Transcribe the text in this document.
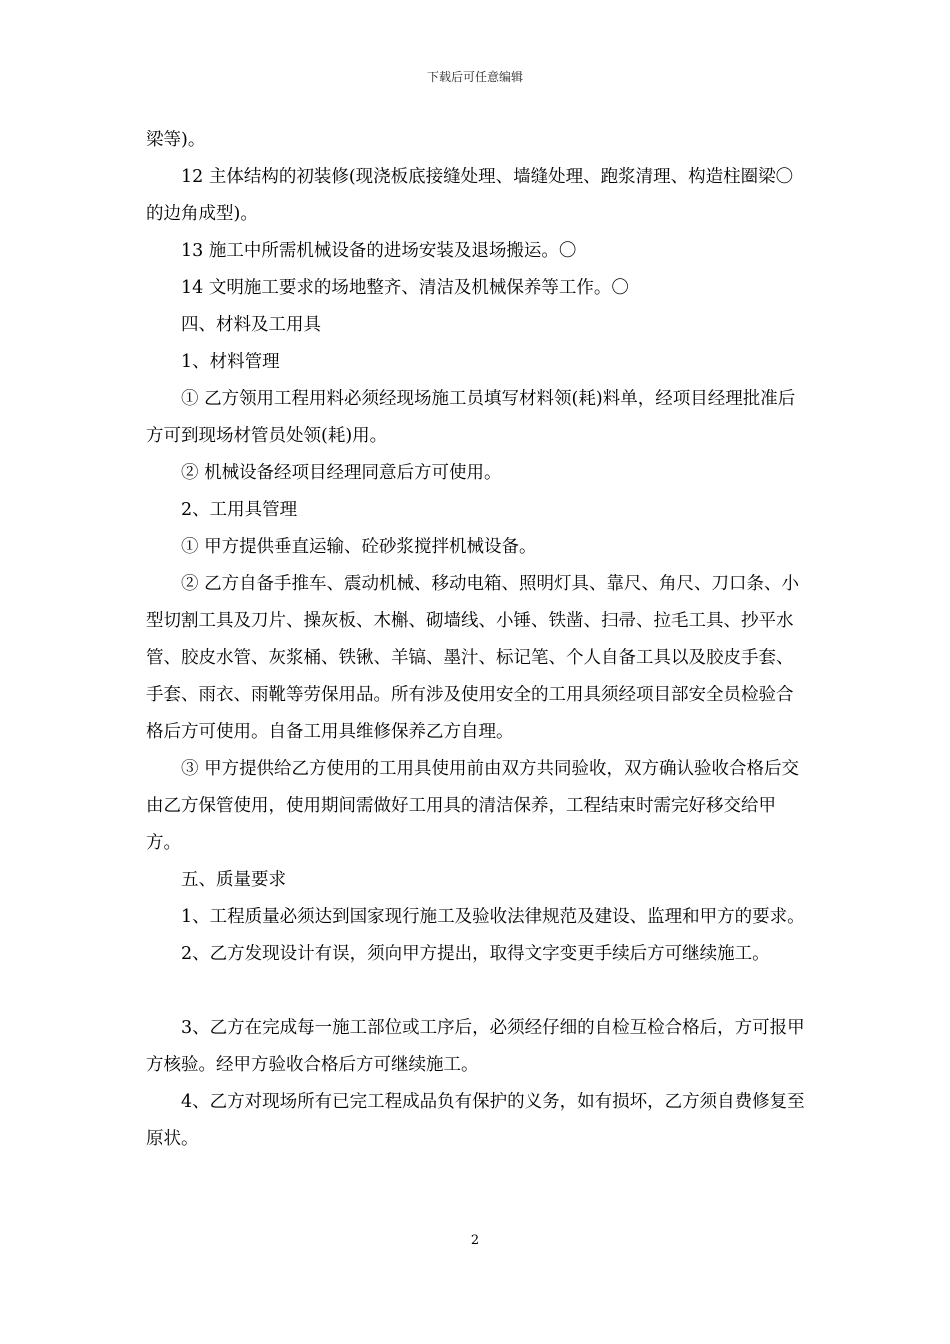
下载后可任意编辑

梁等)。

12 主体结构的初装修(现浇板底接缝处理、墙缝处理、跑浆清理、构造柱圈梁〇的边角成型)。

13 施工中所需机械设备的进场安装及退场搬运。〇

14 文明施工要求的场地整齐、清洁及机械保养等工作。〇

四、材料及工用具

1、材料管理

① 乙方领用工程用料必须经现场施工员填写材料领(耗)料单，经项目经理批准后方可到现场材管员处领(耗)用。

② 机械设备经项目经理同意后方可使用。

2、工用具管理

① 甲方提供垂直运输、砼砂浆搅拌机械设备。

② 乙方自备手推车、震动机械、移动电箱、照明灯具、靠尺、角尺、刀口条、小型切割工具及刀片、操灰板、木槲、砌墙线、小锤、铁凿、扫帚、拉毛工具、抄平水管、胶皮水管、灰浆桶、铁锹、羊镐、墨汁、标记笔、个人自备工具以及胶皮手套、手套、雨衣、雨靴等劳保用品。所有涉及使用安全的工用具须经项目部安全员检验合格后方可使用。自备工用具维修保养乙方自理。

③ 甲方提供给乙方使用的工用具使用前由双方共同验收，双方确认验收合格后交由乙方保管使用，使用期间需做好工用具的清洁保养，工程结束时需完好移交给甲方。

五、质量要求

1、工程质量必须达到国家现行施工及验收法律规范及建设、监理和甲方的要求。

2、乙方发现设计有误，须向甲方提出，取得文字变更手续后方可继续施工。

3、乙方在完成每一施工部位或工序后，必须经仔细的自检互检合格后，方可报甲方核验。经甲方验收合格后方可继续施工。

4、乙方对现场所有已完工程成品负有保护的义务，如有损坏，乙方须自费修复至原状。

2
